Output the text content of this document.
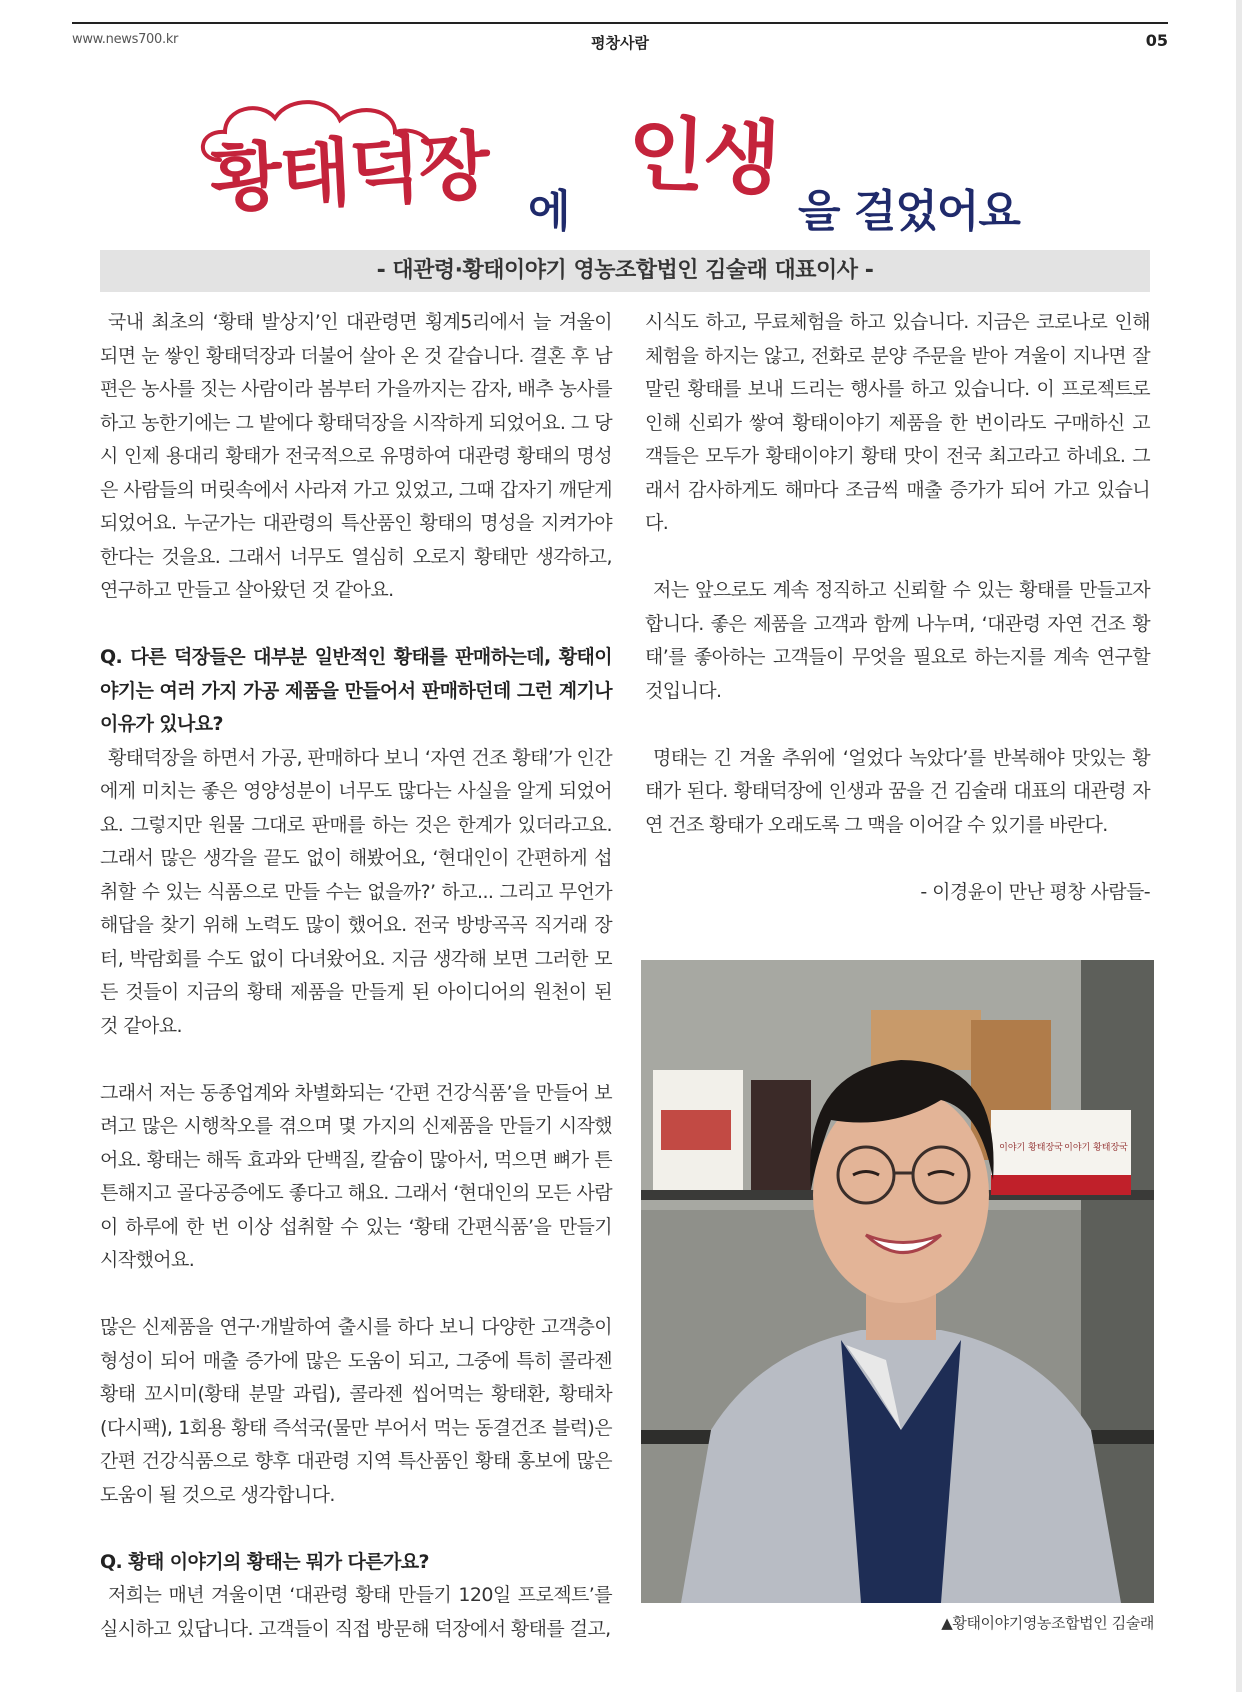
www.news700.kr	평창사람	05
황태덕장 에
인생
을 걸었어요
- 대관령·황태이야기 영농조합법인 김술래 대표이사 -

국내 최초의 ‘황태 발상지’인 대관령면 횡계5리에서 늘 겨울이 되면 눈 쌓인 황태덕장과 더불어 살아 온 것 같습니다. 결혼 후 남편은 농사를 짓는 사람이라 봄부터 가을까지는 감자, 배추 농사를 하고 농한기에는 그 밭에다 황태덕장을 시작하게 되었어요. 그 당시 인제 용대리 황태가 전국적으로 유명하여 대관령 황태의 명성은 사람들의 머릿속에서 사라져 가고 있었고, 그때 갑자기 깨닫게 되었어요. 누군가는 대관령의 특산품인 황태의 명성을 지켜가야 한다는 것을요. 그래서 너무도 열심히 오로지 황태만 생각하고, 연구하고 만들고 살아왔던 것 같아요.

Q. 다른 덕장들은 대부분 일반적인 황태를 판매하는데, 황태이야기는 여러 가지 가공 제품을 만들어서 판매하던데 그런 계기나 이유가 있나요?

황태덕장을 하면서 가공, 판매하다 보니 ‘자연 건조 황태’가 인간에게 미치는 좋은 영양성분이 너무도 많다는 사실을 알게 되었어요. 그렇지만 원물 그대로 판매를 하는 것은 한계가 있더라고요. 그래서 많은 생각을 끝도 없이 해봤어요, ‘현대인이 간편하게 섭취할 수 있는 식품으로 만들 수는 없을까?’ 하고... 그리고 무언가 해답을 찾기 위해 노력도 많이 했어요. 전국 방방곡곡 직거래 장터, 박람회를 수도 없이 다녀왔어요. 지금 생각해 보면 그러한 모든 것들이 지금의 황태 제품을 만들게 된 아이디어의 원천이 된 것 같아요.

그래서 저는 동종업계와 차별화되는 ‘간편 건강식품’을 만들어 보려고 많은 시행착오를 겪으며 몇 가지의 신제품을 만들기 시작했어요. 황태는 해독 효과와 단백질, 칼슘이 많아서, 먹으면 뼈가 튼튼해지고 골다공증에도 좋다고 해요. 그래서 ‘현대인의 모든 사람이 하루에 한 번 이상 섭취할 수 있는 ‘황태 간편식품’을 만들기 시작했어요.

많은 신제품을 연구·개발하여 출시를 하다 보니 다양한 고객층이 형성이 되어 매출 증가에 많은 도움이 되고, 그중에 특히 콜라젠 황태 꼬시미(황태 분말 과립), 콜라젠 씹어먹는 황태환, 황태차(다시팩), 1회용 황태 즉석국(물만 부어서 먹는 동결건조 블럭)은 간편 건강식품으로 향후 대관령 지역 특산품인 황태 홍보에 많은 도움이 될 것으로 생각합니다.

Q. 황태 이야기의 황태는 뭐가 다른가요?

저희는 매년 겨울이면 ‘대관령 황태 만들기 120일 프로젝트’를 실시하고 있답니다. 고객들이 직접 방문해 덕장에서 황태를 걸고,

시식도 하고, 무료체험을 하고 있습니다. 지금은 코로나로 인해 체험을 하지는 않고, 전화로 분양 주문을 받아 겨울이 지나면 잘 말린 황태를 보내 드리는 행사를 하고 있습니다. 이 프로젝트로 인해 신뢰가 쌓여 황태이야기 제품을 한 번이라도 구매하신 고객들은 모두가 황태이야기 황태 맛이 전국 최고라고 하네요. 그래서 감사하게도 해마다 조금씩 매출 증가가 되어 가고 있습니다.

저는 앞으로도 계속 정직하고 신뢰할 수 있는 황태를 만들고자 합니다. 좋은 제품을 고객과 함께 나누며, ‘대관령 자연 건조 황태’를 좋아하는 고객들이 무엇을 필요로 하는지를 계속 연구할 것입니다.

명태는 긴 겨울 추위에 ‘얼었다 녹았다’를 반복해야 맛있는 황태가 된다. 황태덕장에 인생과 꿈을 건 김술래 대표의 대관령 자연 건조 황태가 오래도록 그 맥을 이어갈 수 있기를 바란다.

- 이경윤이 만난 평창 사람들-

이야기 황태장국 이야기 황태장국
▲황태이야기영농조합법인 김술래
